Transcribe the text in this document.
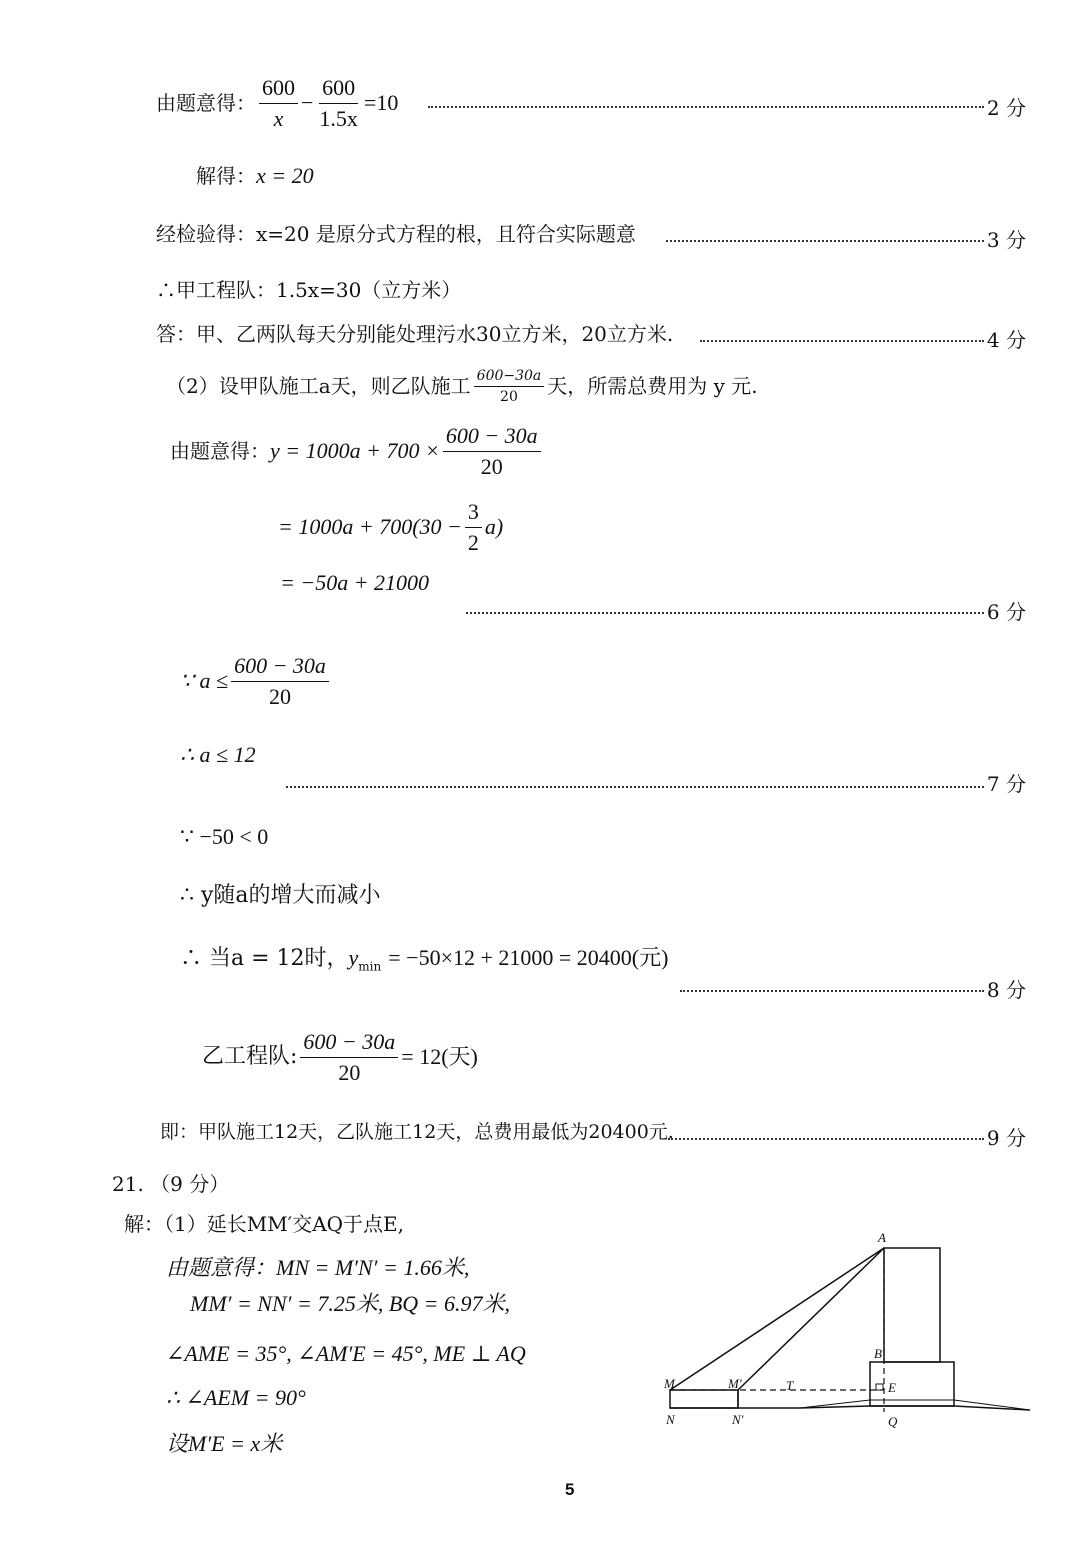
由题意得： $\frac{600}{x} - \frac{600}{1.5x} =10$	2 分
解得：x = 20
经检验得：x=20 是原分式方程的根，且符合实际题意	3 分
∴甲工程队：1.5x=30（立方米）
答：甲、乙两队每天分别能处理污水30立方米，20立方米.	4 分
（2）设甲队施工a天，则乙队施工 $\frac{600-30a}{20}$ 天，所需总费用为 y 元.
由题意得： $y = 1000a + 700 \times \frac{600 - 30a}{20}$
= $1000a + 700(30 - \frac{3}{2} a)$
= −50a + 21000
6 分
∵ $a \le \frac{600 - 30a}{20}$
∴ a ≤ 12
7 分
∵ −50 < 0
∴ y随a的增大而减小
∴ 当a = 12时，$y_{min} = -50\times 12 + 21000 = 20400$(元)
8 分
乙工程队: $\frac{600 - 30a}{20} = 12$(天)
即：甲队施工12天，乙队施工12天，总费用最低为20400元.	9 分
21. （9 分）
解：（1）延长MM′交AQ于点E,
由题意得：MN = M′N′ = 1.66米,
MM′ = NN′ = 7.25米, BQ = 6.97米,
∠AME = 35°, ∠AM′E = 45°, ME ⊥ AQ
∴ ∠AEM = 90°
设M′E = x米
A
B
M	M′	T	E
N	N′	Q
5
